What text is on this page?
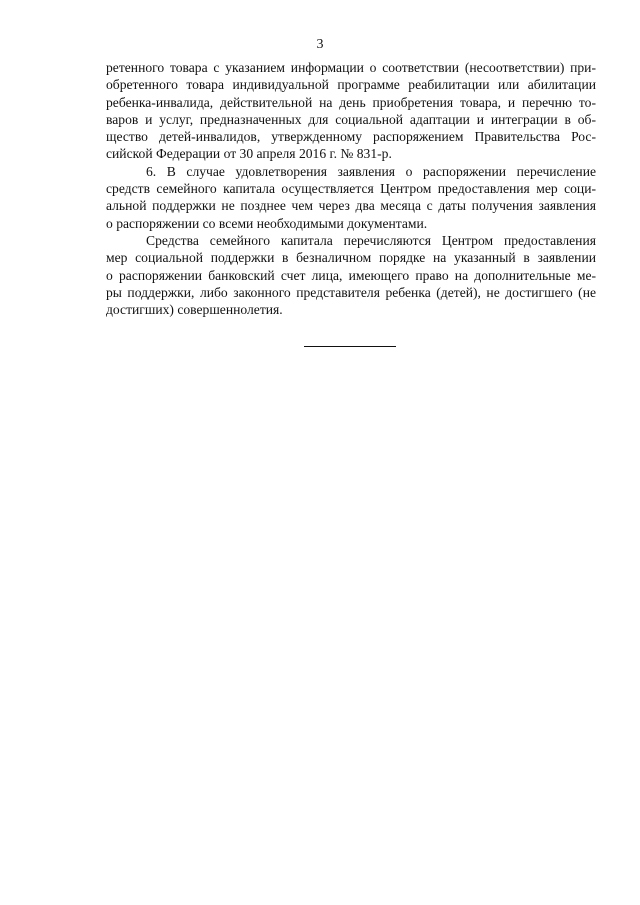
3
ретенного товара с указанием информации о соответствии (несоответствии) при-
обретенного товара индивидуальной программе реабилитации или абилитации
ребенка-инвалида, действительной на день приобретения товара, и перечню то-
варов и услуг, предназначенных для социальной адаптации и интеграции в об-
щество детей-инвалидов, утвержденному распоряжением Правительства Рос-
сийской Федерации от 30 апреля 2016 г. № 831-р.
6. В случае удовлетворения заявления о распоряжении перечисление
средств семейного капитала осуществляется Центром предоставления мер соци-
альной поддержки не позднее чем через два месяца с даты получения заявления
о распоряжении со всеми необходимыми документами.
Средства семейного капитала перечисляются Центром предоставления
мер социальной поддержки в безналичном порядке на указанный в заявлении
о распоряжении банковский счет лица, имеющего право на дополнительные ме-
ры поддержки, либо законного представителя ребенка (детей), не достигшего (не
достигших) совершеннолетия.
